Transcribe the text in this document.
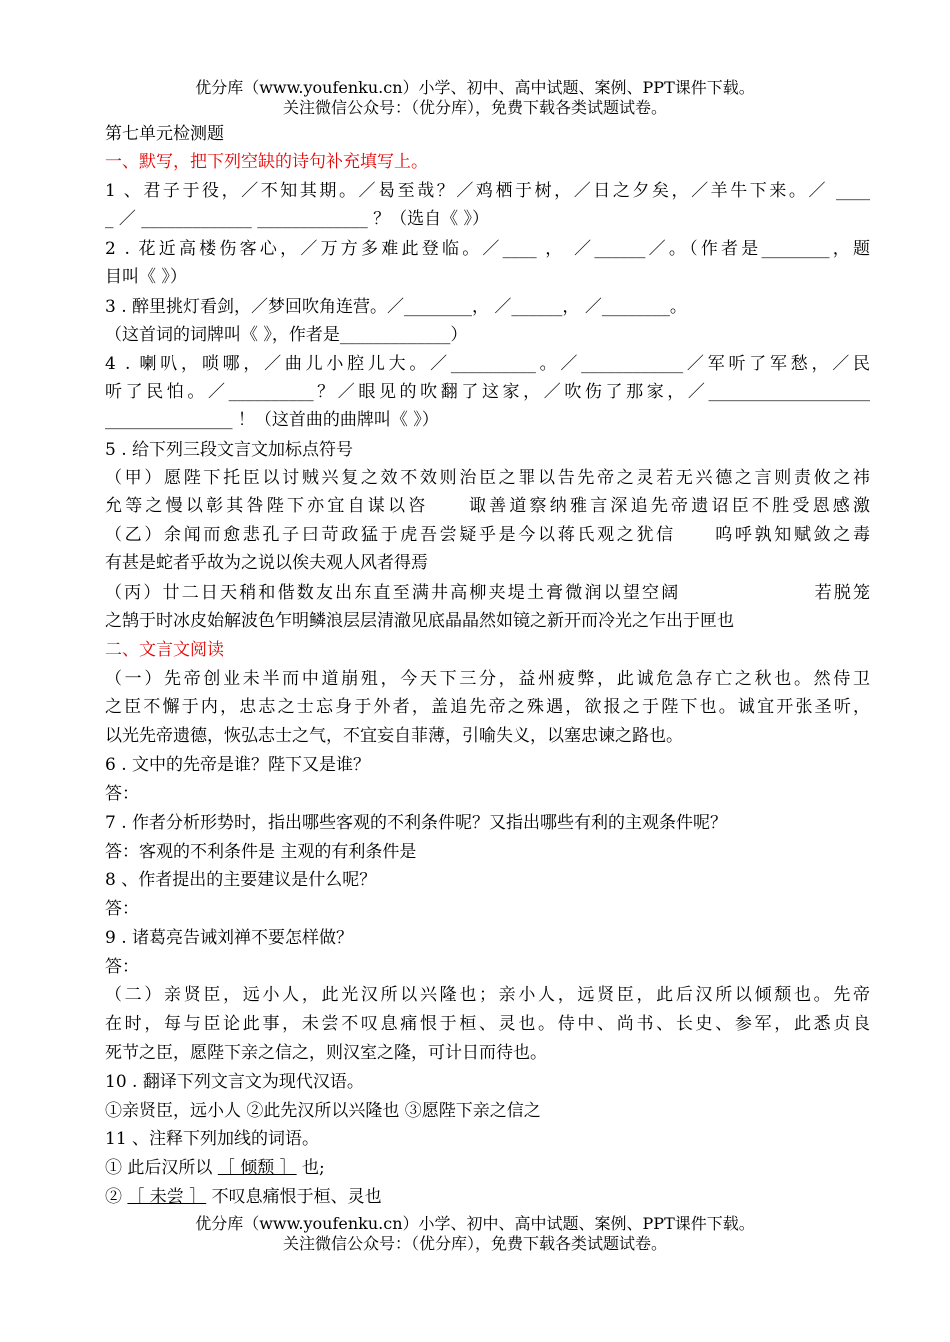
优分库（www.youfenku.cn）小学、初中、高中试题、案例、PPT课件下载。
关注微信公众号：（优分库），免费下载各类试题试卷。
第七单元检测题
一、默写，把下列空缺的诗句补充填写上。
1 、君子于役，／不知其期。／曷至哉？／鸡栖于树，／日之夕矣，／羊牛下来。／ ____
_ ／ _____________ _____________ ？（选自《 》）
2 . 花近高楼伤客心，／万方多难此登临。／____ ， ／______／。（作者是________，题
目叫《 》）
3 . 醉里挑灯看剑，／梦回吹角连营。／________， ／______， ／________。
（这首词的词牌叫《 》，作者是_____________）
4 . 喇叭，唢哪，／曲儿小腔儿大。／__________。／____________／军听了军愁，／民
听了民怕。／__________？／眼见的吹翻了这家，／吹伤了那家，／___________________
_______________ ！（这首曲的曲牌叫《 》）
5 . 给下列三段文言文加标点符号
（甲）愿陛下托臣以讨贼兴复之效不效则治臣之罪以告先帝之灵若无兴德之言则责攸之祎
允等之慢以彰其咎陛下亦宜自谋以咨　　诹善道察纳雅言深追先帝遗诏臣不胜受恩感激
（乙）余闻而愈悲孔子曰苛政猛于虎吾尝疑乎是今以蒋氏观之犹信　　呜呼孰知赋敛之毒
有甚是蛇者乎故为之说以俟夫观人风者得焉
（丙）廿二日天稍和偕数友出东直至满井高柳夹堤土膏微润以望空阔　　　　　　　若脱笼
之鹄于时冰皮始解波色乍明鳞浪层层清澈见底晶晶然如镜之新开而冷光之乍出于匣也
二、文言文阅读
（一）先帝创业未半而中道崩殂，今天下三分，益州疲弊，此诚危急存亡之秋也。然侍卫
之臣不懈于内，忠志之士忘身于外者，盖追先帝之殊遇，欲报之于陛下也。诚宜开张圣听，
以光先帝遗德，恢弘志士之气，不宜妄自菲薄，引喻失义，以塞忠谏之路也。
6 . 文中的先帝是谁？陛下又是谁？
答：
7 . 作者分析形势时，指出哪些客观的不利条件呢？又指出哪些有利的主观条件呢？
答：客观的不利条件是 主观的有利条件是
8 、作者提出的主要建议是什么呢？
答：
9 . 诸葛亮告诫刘禅不要怎样做？
答：
（二）亲贤臣，远小人，此光汉所以兴隆也；亲小人，远贤臣，此后汉所以倾颓也。先帝
在时，每与臣论此事，未尝不叹息痛恨于桓、灵也。侍中、尚书、长史、参军，此悉贞良
死节之臣，愿陛下亲之信之，则汉室之隆，可计日而待也。
10 . 翻译下列文言文为现代汉语。
①亲贤臣，远小人 ②此先汉所以兴隆也 ③愿陛下亲之信之
11 、注释下列加线的词语。
① 此后汉所以 ［ 倾颓 ］ 也;
② ［ 未尝 ］ 不叹息痛恨于桓、灵也
优分库（www.youfenku.cn）小学、初中、高中试题、案例、PPT课件下载。
关注微信公众号：（优分库），免费下载各类试题试卷。
